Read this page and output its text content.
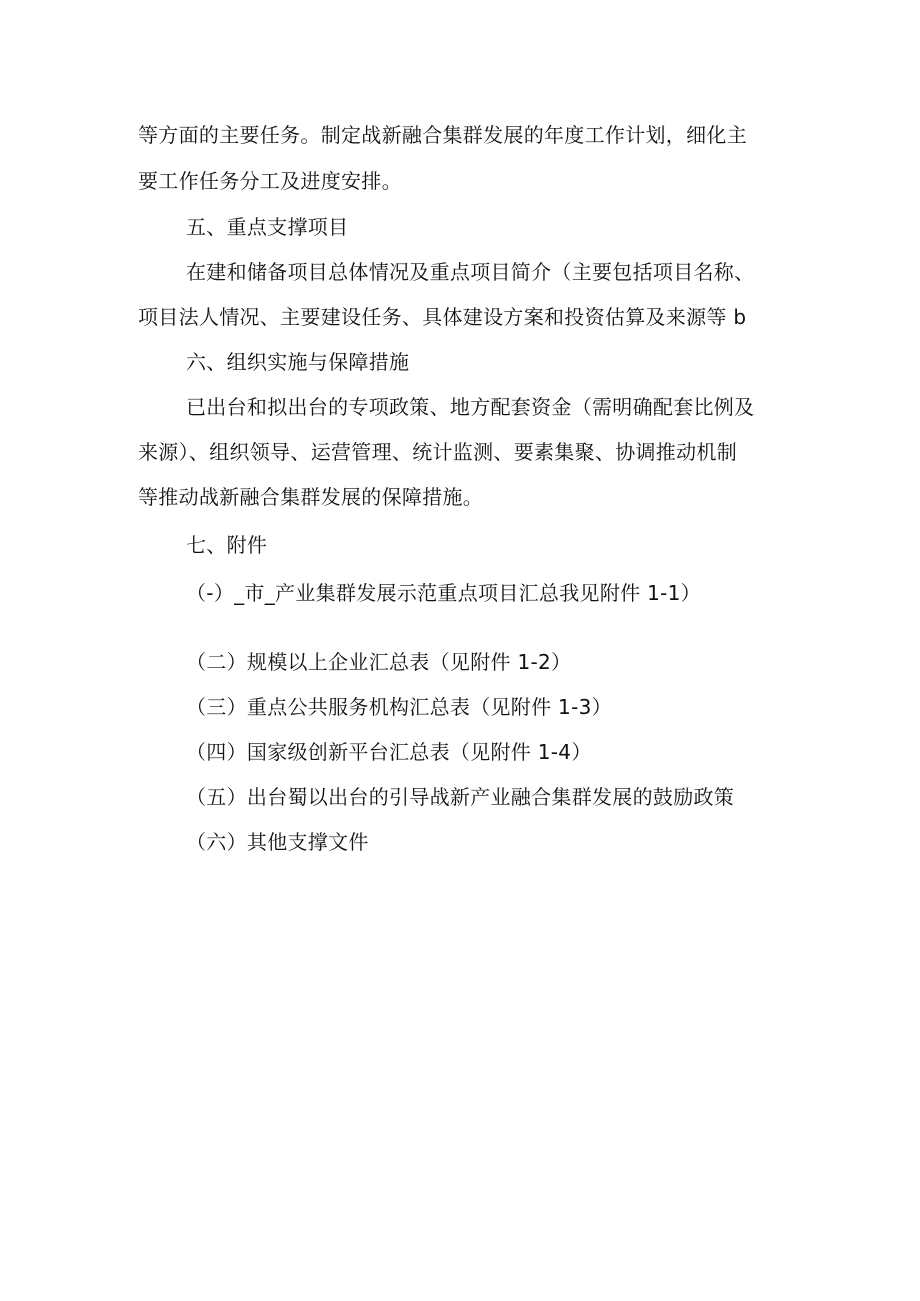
等方面的主要任务。制定战新融合集群发展的年度工作计划，细化主
要工作任务分工及进度安排。
五、重点支撑项目
在建和储备项目总体情况及重点项目简介（主要包括项目名称、
项目法人情况、主要建设任务、具体建设方案和投资估算及来源等 b
六、组织实施与保障措施
已出台和拟出台的专项政策、地方配套资金（需明确配套比例及
来源）、组织领导、运营管理、统计监测、要素集聚、协调推动机制
等推动战新融合集群发展的保障措施。
七、附件
（-）_市_产业集群发展示范重点项目汇总我见附件 1-1）
（二）规模以上企业汇总表（见附件 1-2）
（三）重点公共服务机构汇总表（见附件 1-3）
（四）国家级创新平台汇总表（见附件 1-4）
（五）出台蜀以出台的引导战新产业融合集群发展的鼓励政策
（六）其他支撑文件
